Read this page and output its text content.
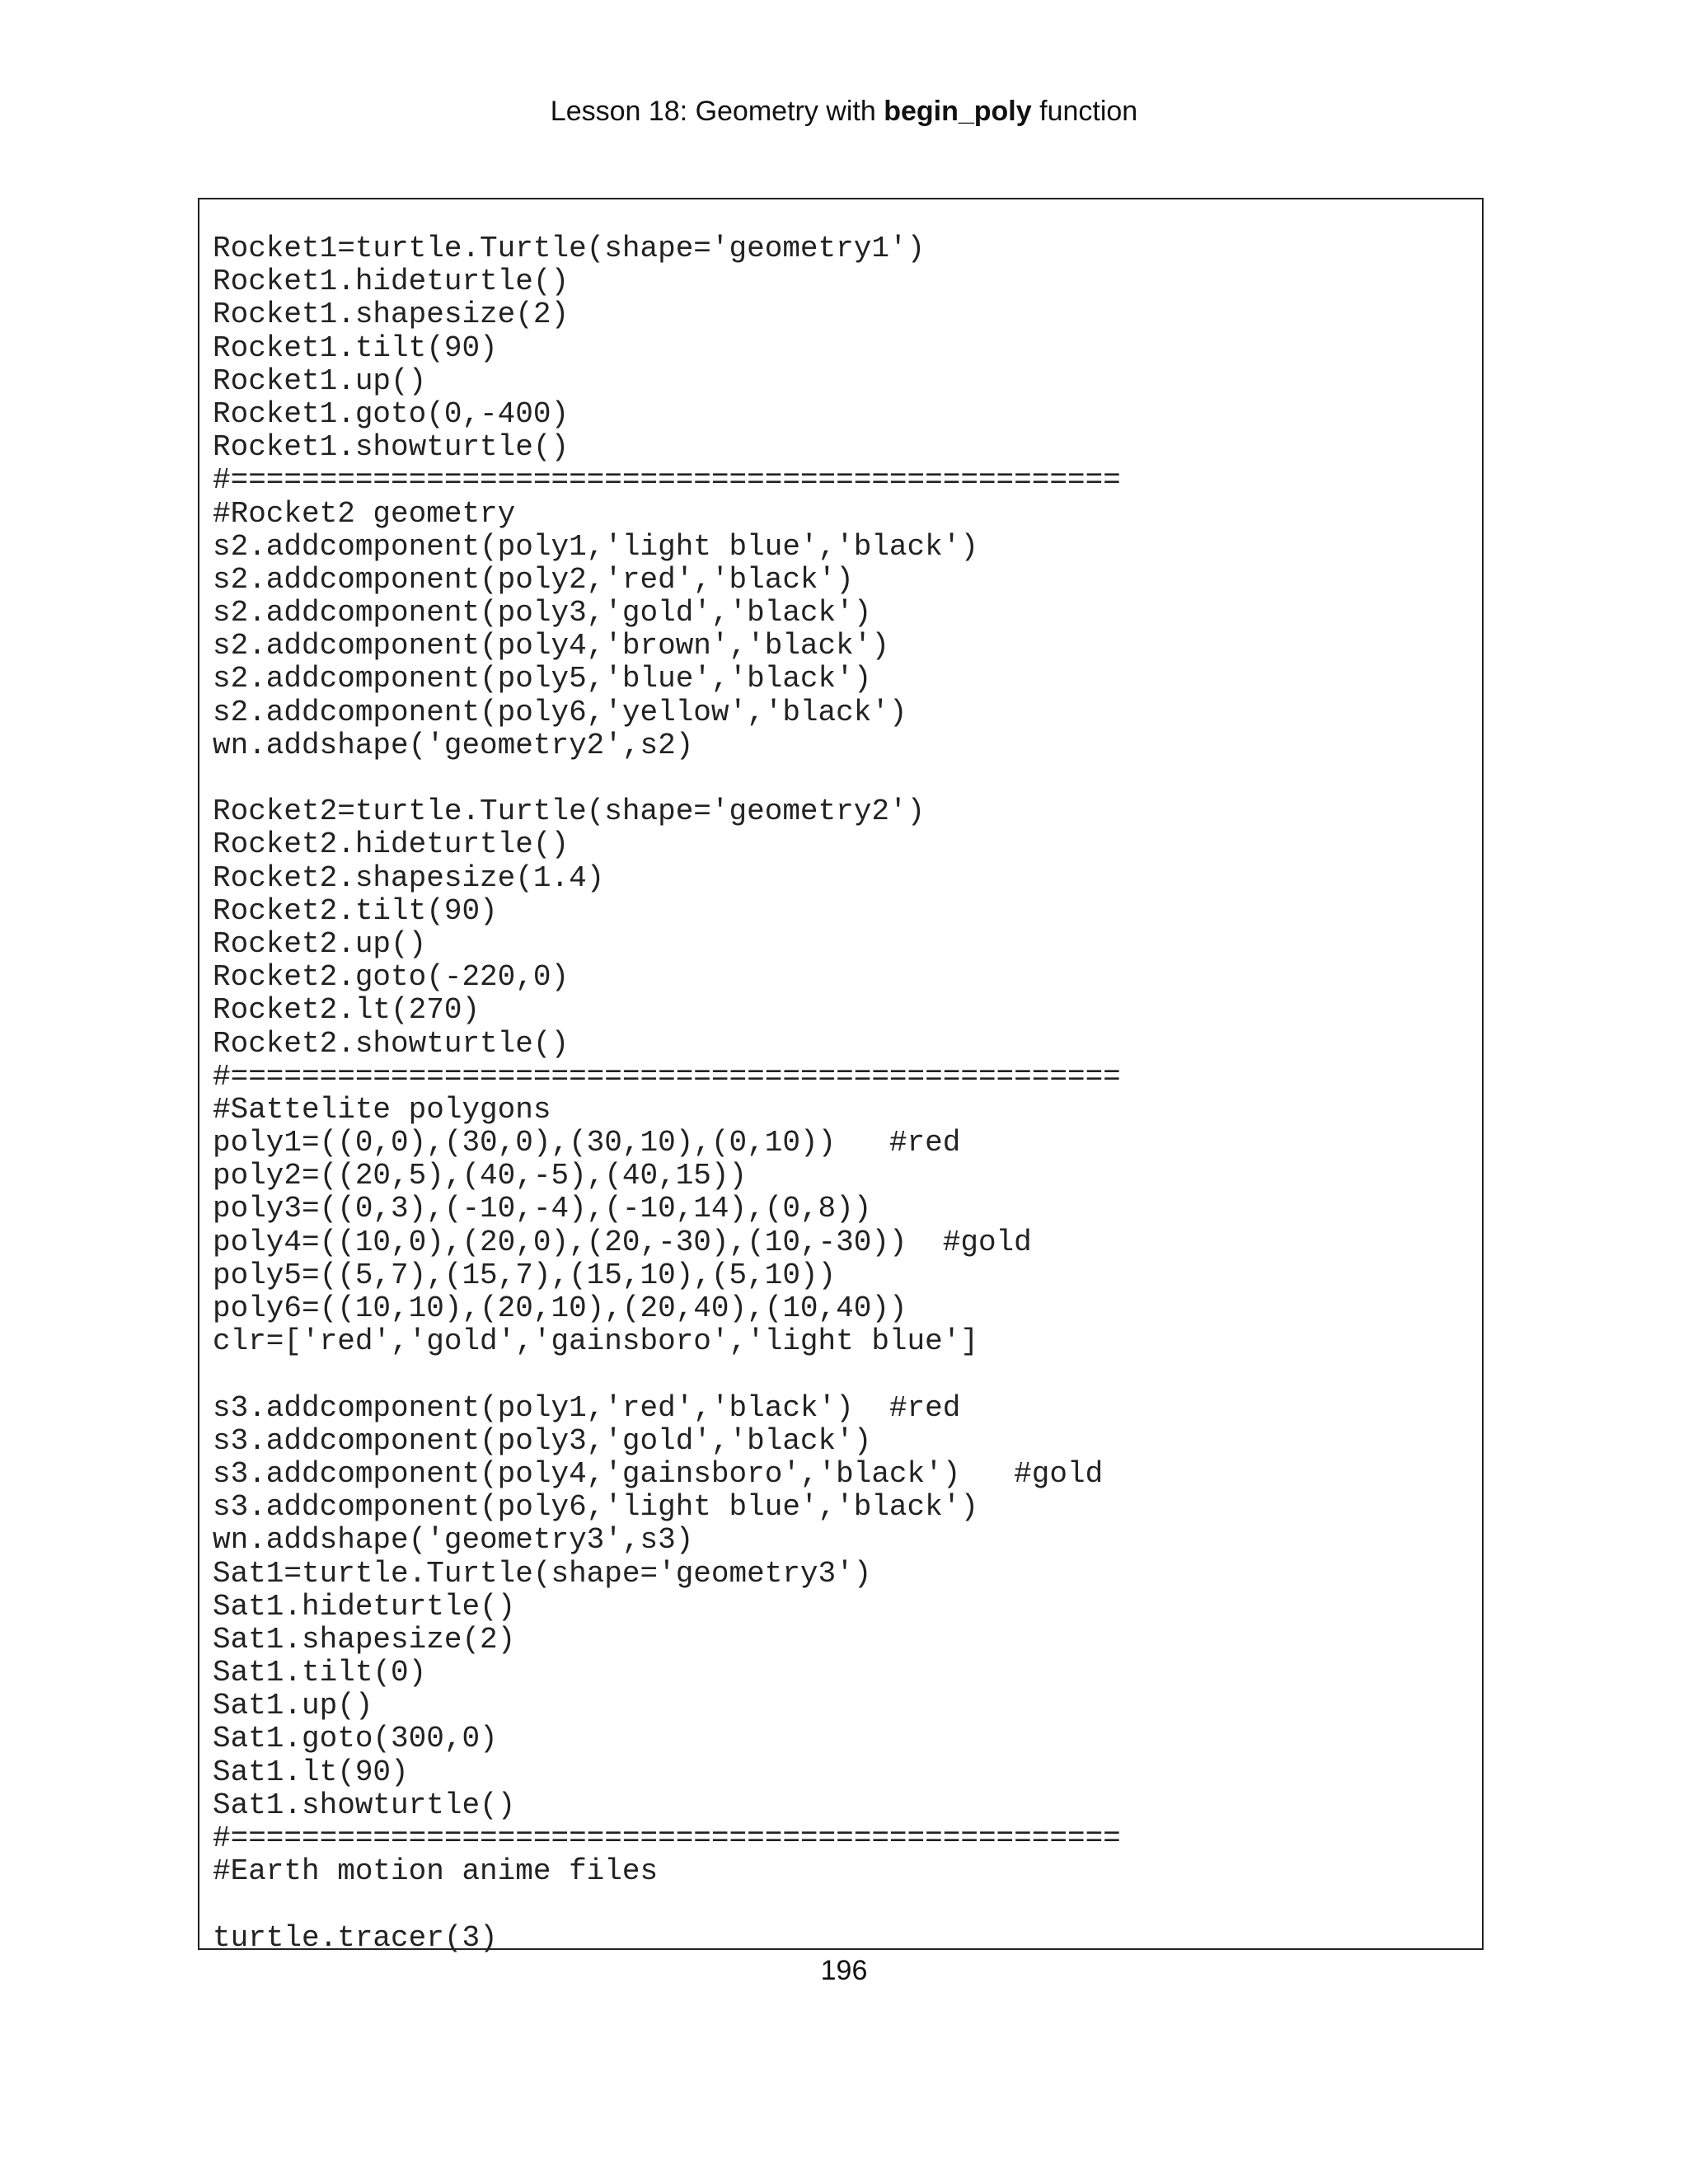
Lesson 18: Geometry with begin_poly function
Rocket1=turtle.Turtle(shape='geometry1')
Rocket1.hideturtle()
Rocket1.shapesize(2)
Rocket1.tilt(90)
Rocket1.up()
Rocket1.goto(0,-400)
Rocket1.showturtle()
#==================================================
#Rocket2 geometry
s2.addcomponent(poly1,'light blue','black')
s2.addcomponent(poly2,'red','black')
s2.addcomponent(poly3,'gold','black')
s2.addcomponent(poly4,'brown','black')
s2.addcomponent(poly5,'blue','black')
s2.addcomponent(poly6,'yellow','black')
wn.addshape('geometry2',s2)
Rocket2=turtle.Turtle(shape='geometry2')
Rocket2.hideturtle()
Rocket2.shapesize(1.4)
Rocket2.tilt(90)
Rocket2.up()
Rocket2.goto(-220,0)
Rocket2.lt(270)
Rocket2.showturtle()
#==================================================
#Sattelite polygons
poly1=((0,0),(30,0),(30,10),(0,10))   #red
poly2=((20,5),(40,-5),(40,15))
poly3=((0,3),(-10,-4),(-10,14),(0,8))
poly4=((10,0),(20,0),(20,-30),(10,-30))  #gold
poly5=((5,7),(15,7),(15,10),(5,10))
poly6=((10,10),(20,10),(20,40),(10,40))
clr=['red','gold','gainsboro','light blue']
s3.addcomponent(poly1,'red','black')  #red
s3.addcomponent(poly3,'gold','black')
s3.addcomponent(poly4,'gainsboro','black')   #gold
s3.addcomponent(poly6,'light blue','black')
wn.addshape('geometry3',s3)
Sat1=turtle.Turtle(shape='geometry3')
Sat1.hideturtle()
Sat1.shapesize(2)
Sat1.tilt(0)
Sat1.up()
Sat1.goto(300,0)
Sat1.lt(90)
Sat1.showturtle()
#==================================================
#Earth motion anime files
turtle.tracer(3)
196
